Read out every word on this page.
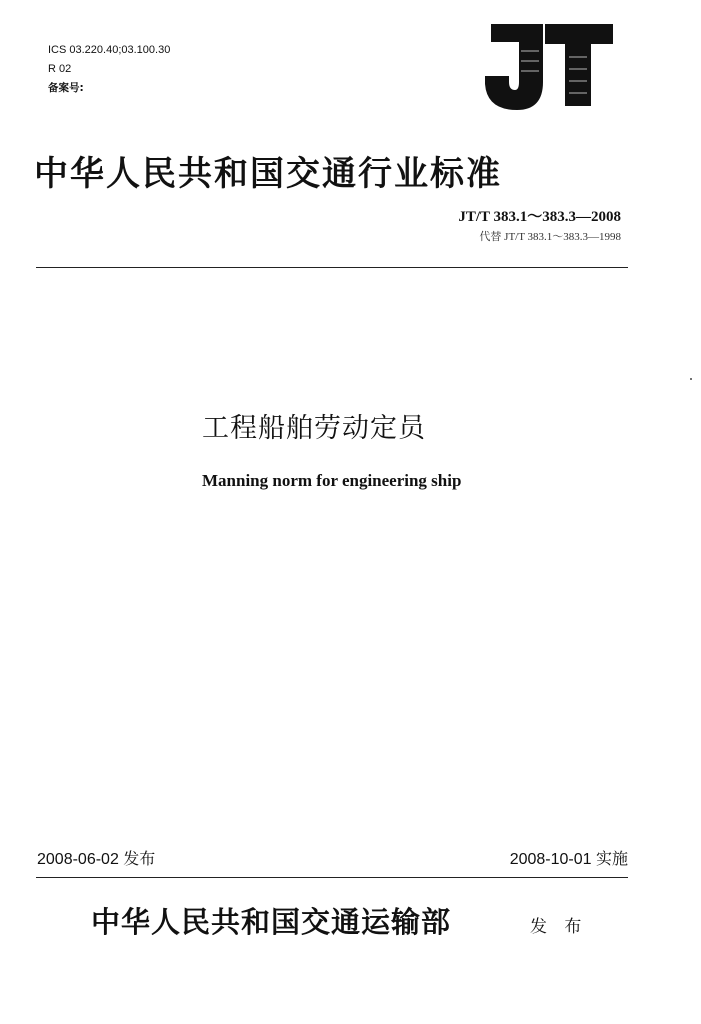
ICS 03.220.40;03.100.30
R 02
备案号:
中华人民共和国交通行业标准
JT/T 383.1～383.3—2008
代替 JT/T 383.1～383.3—1998
工程船舶劳动定员
Manning norm for engineering ship
2008-06-02 发布	2008-10-01 实施
中华人民共和国交通运输部	发 布
